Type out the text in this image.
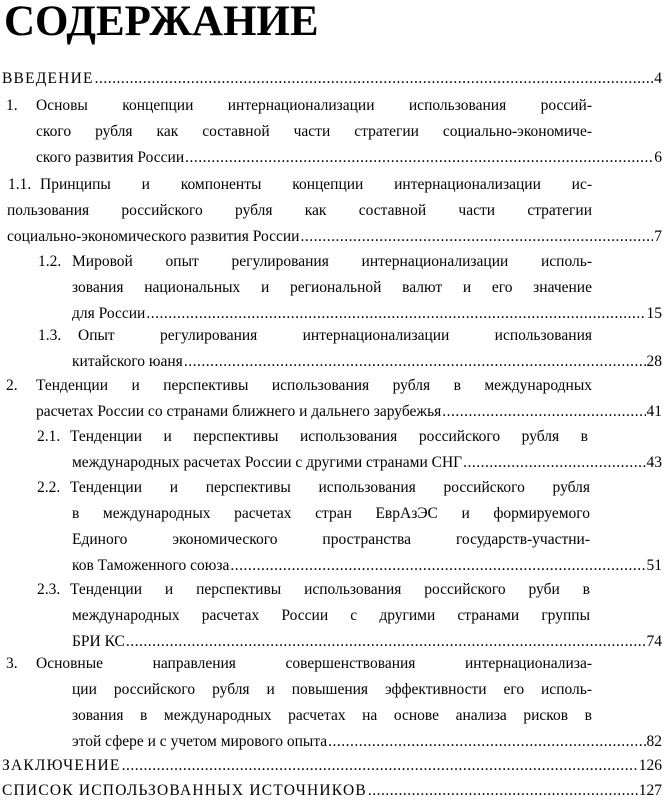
СОДЕРЖАНИЕ
ВВЕДЕНИЕ .....	4
1. Основы концепции интернационализации использования россий-
ского рубля как составной части стратегии социально-экономиче-
ского развития России .....	6
1.1. Принципы и компоненты концепции интернационализации ис-
пользования российского рубля как составной части стратегии
социально-экономического развития России .....	7
1.2. Мировой опыт регулирования интернационализации исполь-
зования национальных и региональной валют и его значение
для России .....	15
1.3. Опыт регулирования интернационализации использования
китайского юаня .....	28
2. Тенденции и перспективы использования рубля в международных
расчетах России со странами ближнего и дальнего зарубежья .....	41
2.1. Тенденции и перспективы использования российского рубля в
международных расчетах России с другими странами СНГ .....	43
2.2. Тенденции и перспективы использования российского рубля
в международных расчетах стран ЕврАзЭС и формируемого
Единого экономического пространства государств-участни-
ков Таможенного союза .....	51
2.3. Тенденции и перспективы использования российского руби в
международных расчетах России с другими странами группы
БРИ КС .....	74
3. Основные направления совершенствования интернационализа-
ции российского рубля и повышения эффективности его исполь-
зования в международных расчетах на основе анализа рисков в
этой сфере и с учетом мирового опыта .....	82
ЗАКЛЮЧЕНИЕ .....	126
СПИСОК ИСПОЛЬЗОВАННЫХ ИСТОЧНИКОВ .....	127
